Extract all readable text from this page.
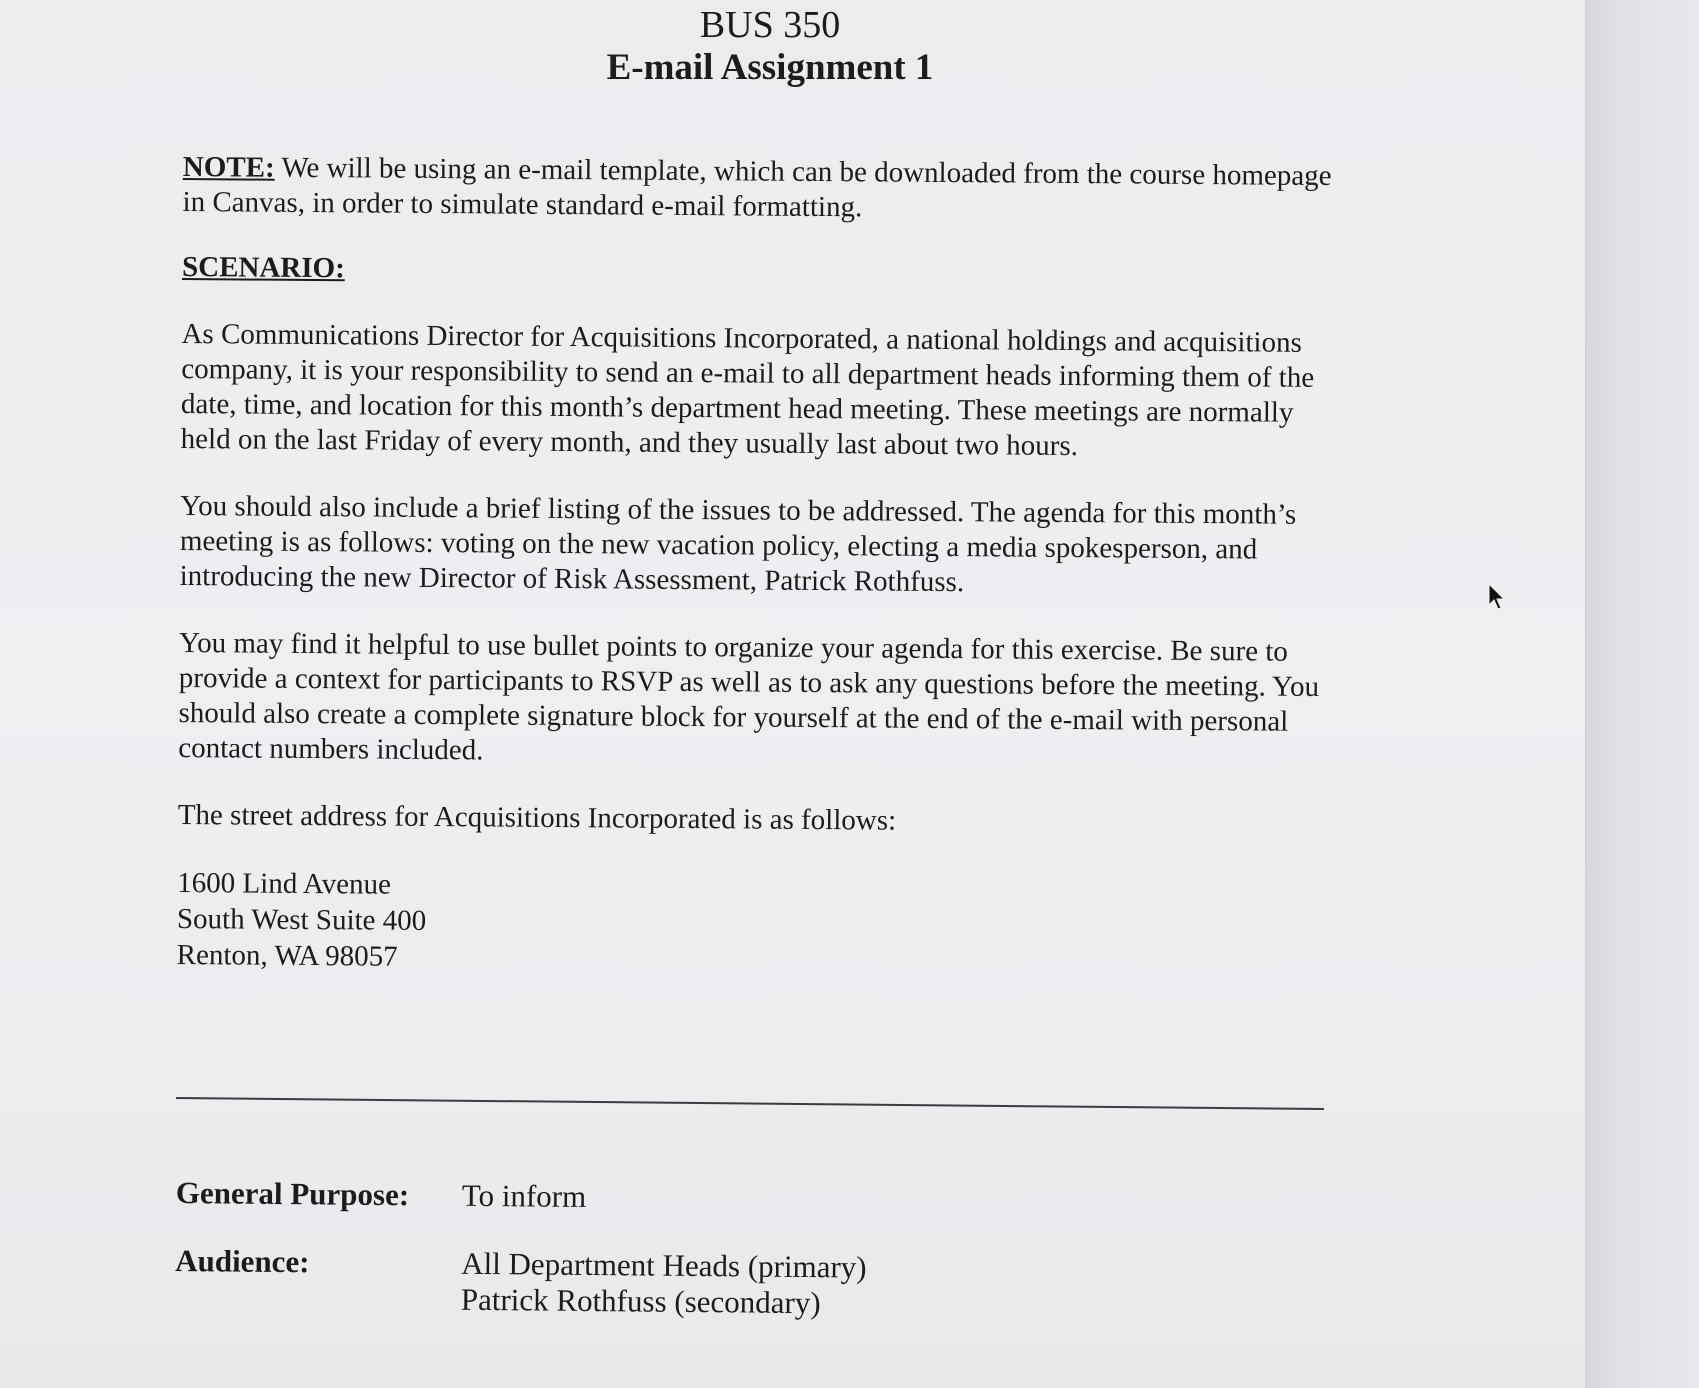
BUS 350
E-mail Assignment 1

NOTE: We will be using an e-mail template, which can be downloaded from the course homepage in Canvas, in order to simulate standard e-mail formatting.

SCENARIO:

As Communications Director for Acquisitions Incorporated, a national holdings and acquisitions company, it is your responsibility to send an e-mail to all department heads informing them of the date, time, and location for this month’s department head meeting. These meetings are normally held on the last Friday of every month, and they usually last about two hours.

You should also include a brief listing of the issues to be addressed. The agenda for this month’s meeting is as follows: voting on the new vacation policy, electing a media spokesperson, and introducing the new Director of Risk Assessment, Patrick Rothfuss.

You may find it helpful to use bullet points to organize your agenda for this exercise. Be sure to provide a context for participants to RSVP as well as to ask any questions before the meeting. You should also create a complete signature block for yourself at the end of the e-mail with personal contact numbers included.

The street address for Acquisitions Incorporated is as follows:

1600 Lind Avenue
South West Suite 400
Renton, WA 98057
General Purpose:	To inform
Audience:	All Department Heads (primary)
Patrick Rothfuss (secondary)
